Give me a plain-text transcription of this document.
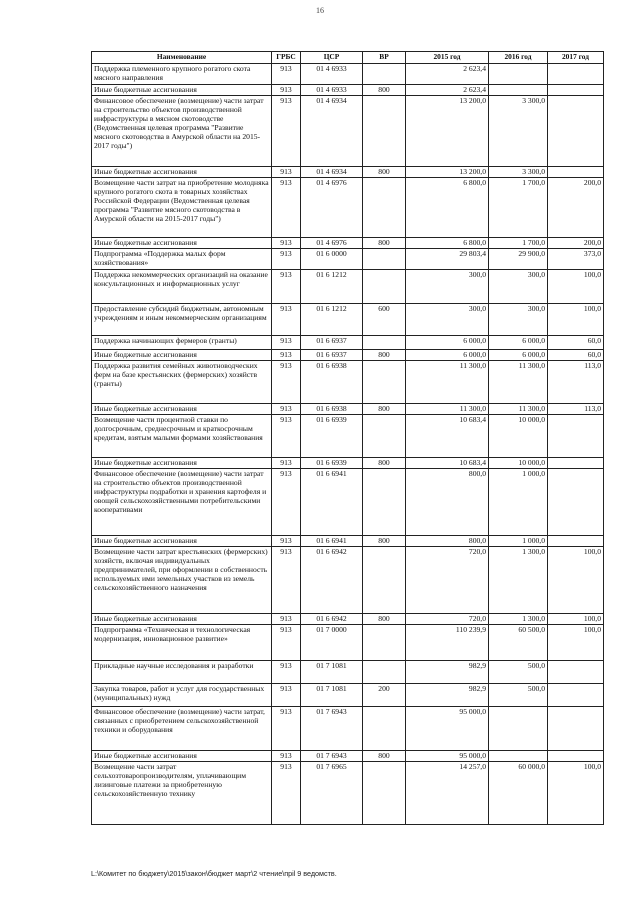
16
Наименование	ГРБС	ЦСР	ВР	2015 год	2016 год	2017 год
Поддержка племенного крупного рогатого скота мясного направления	913	01 4 6933		2 623,4		
Иные бюджетные ассигнования	913	01 4 6933	800	2 623,4		
Финансовое обеспечение (возмещение) части затрат на строительство объектов производственной инфраструктуры в мясном скотоводстве (Ведомственная целевая программа "Развитие мясного скотоводства в Амурской области на 2015-2017 годы")	913	01 4 6934		13 200,0	3 300,0	
Иные бюджетные ассигнования	913	01 4 6934	800	13 200,0	3 300,0	
Возмещение части затрат на приобретение молодняка крупного рогатого скота в товарных хозяйствах Российской Федерации (Ведомственная целевая программа "Развитие мясного скотоводства в Амурской области на 2015-2017 годы")	913	01 4 6976		6 800,0	1 700,0	200,0
Иные бюджетные ассигнования	913	01 4 6976	800	6 800,0	1 700,0	200,0
Подпрограмма «Поддержка малых форм хозяйствования»	913	01 6 0000		29 803,4	29 900,0	373,0
Поддержка некоммерческих организаций на оказание консультационных и информационных услуг	913	01 6 1212		300,0	300,0	100,0
Предоставление субсидий бюджетным, автономным учреждениям и иным некоммерческим организациям	913	01 6 1212	600	300,0	300,0	100,0
Поддержка начинающих фермеров (гранты)	913	01 6 6937		6 000,0	6 000,0	60,0
Иные бюджетные ассигнования	913	01 6 6937	800	6 000,0	6 000,0	60,0
Поддержка развития семейных животноводческих ферм на базе крестьянских (фермерских) хозяйств (гранты)	913	01 6 6938		11 300,0	11 300,0	113,0
Иные бюджетные ассигнования	913	01 6 6938	800	11 300,0	11 300,0	113,0
Возмещение части процентной ставки по долгосрочным, среднесрочным и краткосрочным кредитам, взятым малыми формами хозяйствования	913	01 6 6939		10 683,4	10 000,0	
Иные бюджетные ассигнования	913	01 6 6939	800	10 683,4	10 000,0	
Финансовое обеспечение (возмещение) части затрат на строительство объектов производственной инфраструктуры подработки и хранения картофеля и овощей сельскохозяйственными потребительскими кооперативами	913	01 6 6941		800,0	1 000,0	
Иные бюджетные ассигнования	913	01 6 6941	800	800,0	1 000,0	
Возмещение части затрат крестьянских (фермерских) хозяйств, включая индивидуальных предпринимателей, при оформлении в собственность используемых ими земельных участков из земель сельскохозяйственного назначения	913	01 6 6942		720,0	1 300,0	100,0
Иные бюджетные ассигнования	913	01 6 6942	800	720,0	1 300,0	100,0
Подпрограмма «Техническая и технологическая модернизация, инновационное развитие»	913	01 7 0000		110 239,9	60 500,0	100,0
Прикладные научные исследования и разработки	913	01 7 1081		982,9	500,0	
Закупка товаров, работ и услуг для государственных (муниципальных) нужд	913	01 7 1081	200	982,9	500,0	
Финансовое обеспечение (возмещение) части затрат, связанных с приобретением сельскохозяйственной техники и оборудования	913	01 7 6943		95 000,0		
Иные бюджетные ассигнования	913	01 7 6943	800	95 000,0		
Возмещение части затрат сельхозтоваропроизводителям, уплачивающим лизинговые платежи за приобретенную сельскохозяйственную технику	913	01 7 6965		14 257,0	60 000,0	100,0
L:\Комитет по бюджету\2015\закон\бюджет март\2 чтение\прil 9 ведомств.
